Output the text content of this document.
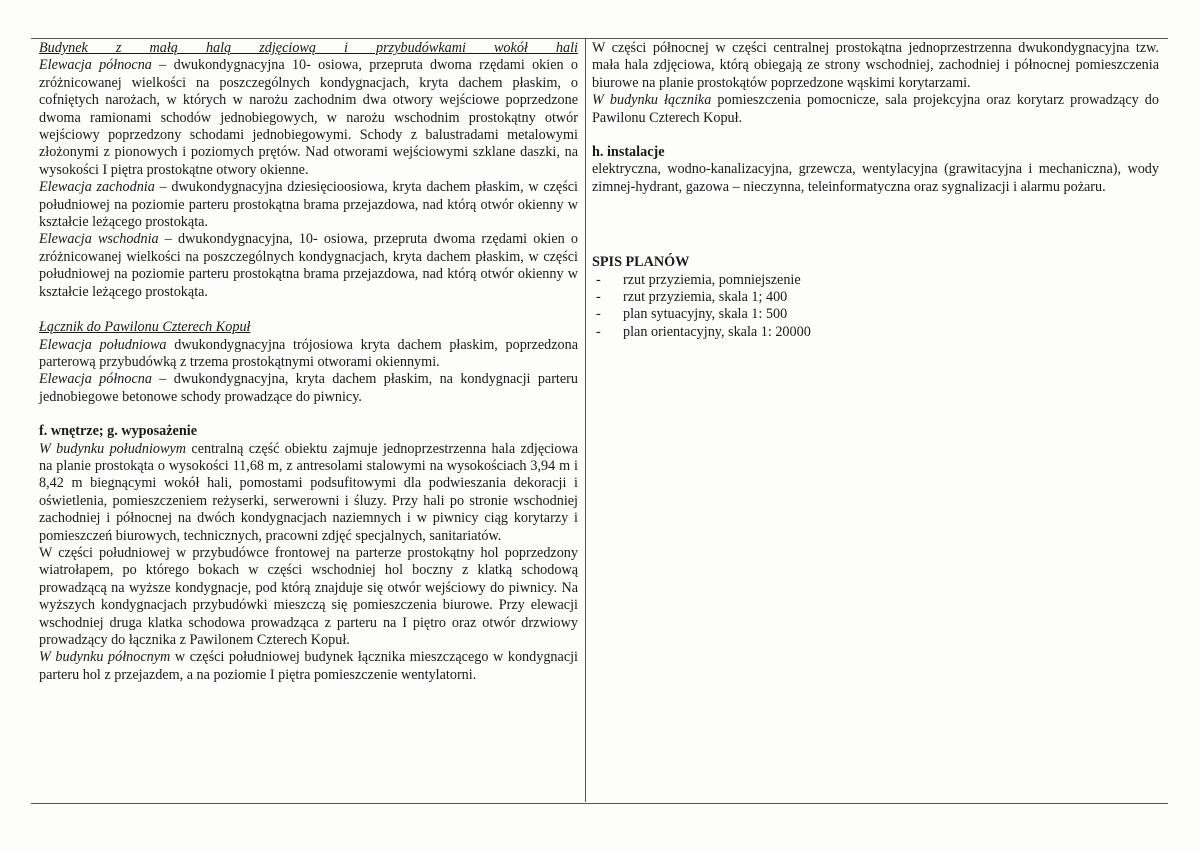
Budynek z małą halą zdjęciową i przybudówkami wokół hali

Elewacja północna – dwukondygnacyjna 10- osiowa, przepruta dwoma rzędami okien o zróżnicowanej wielkości na poszczególnych kondygnacjach, kryta dachem płaskim, o cofniętych narożach, w których w narożu zachodnim dwa otwory wejściowe poprzedzone dwoma ramionami schodów jednobiegowych, w narożu wschodnim prostokątny otwór wejściowy poprzedzony schodami jednobiegowymi. Schody z balustradami metalowymi złożonymi z pionowych i poziomych prętów. Nad otworami wejściowymi szklane daszki, na wysokości I piętra prostokątne otwory okienne.

Elewacja zachodnia – dwukondygnacyjna dziesięcioosiowa, kryta dachem płaskim, w części południowej na poziomie parteru prostokątna brama przejazdowa, nad którą otwór okienny w kształcie leżącego prostokąta.

Elewacja wschodnia – dwukondygnacyjna, 10- osiowa, przepruta dwoma rzędami okien o zróżnicowanej wielkości na poszczególnych kondygnacjach, kryta dachem płaskim, w części południowej na poziomie parteru prostokątna brama przejazdowa, nad którą otwór okienny w kształcie leżącego prostokąta.

Łącznik do Pawilonu Czterech Kopuł

Elewacja południowa dwukondygnacyjna trójosiowa kryta dachem płaskim, poprzedzona parterową przybudówką z trzema prostokątnymi otworami okiennymi.

Elewacja północna – dwukondygnacyjna, kryta dachem płaskim, na kondygnacji parteru jednobiegowe betonowe schody prowadzące do piwnicy.

f. wnętrze; g. wyposażenie

W budynku południowym centralną część obiektu zajmuje jednoprzestrzenna hala zdjęciowa na planie prostokąta o wysokości 11,68 m, z antresolami stalowymi na wysokościach 3,94 m i 8,42 m biegnącymi wokół hali, pomostami podsufitowymi dla podwieszania dekoracji i oświetlenia, pomieszczeniem reżyserki, serwerowni i śluzy. Przy hali po stronie wschodniej zachodniej i północnej na dwóch kondygnacjach naziemnych i w piwnicy ciąg korytarzy i pomieszczeń biurowych, technicznych, pracowni zdjęć specjalnych, sanitariatów.

W części południowej w przybudówce frontowej na parterze prostokątny hol poprzedzony wiatrołapem, po którego bokach w części wschodniej hol boczny z klatką schodową prowadzącą na wyższe kondygnacje, pod którą znajduje się otwór wejściowy do piwnicy. Na wyższych kondygnacjach przybudówki mieszczą się pomieszczenia biurowe. Przy elewacji wschodniej druga klatka schodowa prowadząca z parteru na I piętro oraz otwór drzwiowy prowadzący do łącznika z Pawilonem Czterech Kopuł.

W budynku północnym w części południowej budynek łącznika mieszczącego w kondygnacji parteru hol z przejazdem, a na poziomie I piętra pomieszczenie wentylatorni.

W części północnej w części centralnej prostokątna jednoprzestrzenna dwukondygnacyjna tzw. mała hala zdjęciowa, którą obiegają ze strony wschodniej, zachodniej i północnej pomieszczenia biurowe na planie prostokątów poprzedzone wąskimi korytarzami.

W budynku łącznika pomieszczenia pomocnicze, sala projekcyjna oraz korytarz prowadzący do Pawilonu Czterech Kopuł.

h. instalacje

elektryczna, wodno-kanalizacyjna, grzewcza, wentylacyjna (grawitacyjna i mechaniczna), wody zimnej-hydrant, gazowa – nieczynna, teleinformatyczna oraz sygnalizacji i alarmu pożaru.

SPIS PLANÓW

- rzut przyziemia, pomniejszenie
- rzut przyziemia, skala 1; 400
- plan sytuacyjny, skala 1: 500
- plan orientacyjny, skala 1: 20000
